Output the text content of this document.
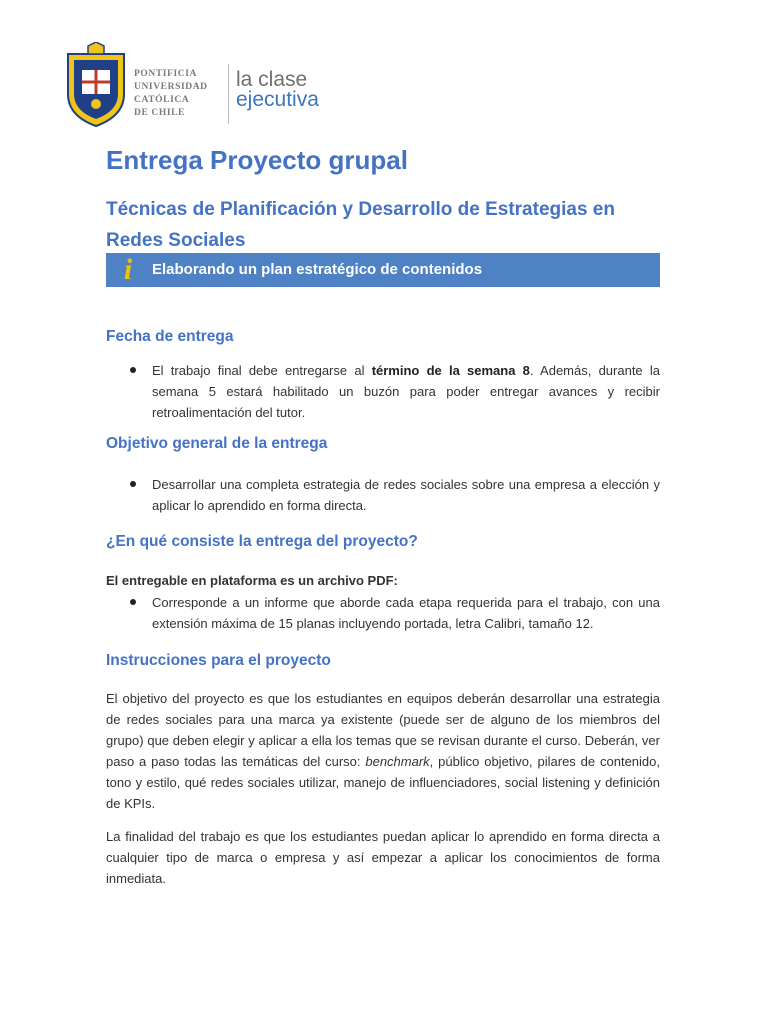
PONTIFICIA
UNIVERSIDAD
CATÓLICA
DE CHILE
la clase
ejecutiva
Entrega Proyecto grupal
Técnicas de Planificación y Desarrollo de Estrategias en Redes Sociales
i	Elaborando un plan estratégico de contenidos
Fecha de entrega
El trabajo final debe entregarse al término de la semana 8. Además, durante la semana 5 estará habilitado un buzón para poder entregar avances y recibir retroalimentación del tutor.
Objetivo general de la entrega
Desarrollar una completa estrategia de redes sociales sobre una empresa a elección y aplicar lo aprendido en forma directa.
¿En qué consiste la entrega del proyecto?
El entregable en plataforma es un archivo PDF:
Corresponde a un informe que aborde cada etapa requerida para el trabajo, con una extensión máxima de 15 planas incluyendo portada, letra Calibri, tamaño 12.
Instrucciones para el proyecto
El objetivo del proyecto es que los estudiantes en equipos deberán desarrollar una estrategia de redes sociales para una marca ya existente (puede ser de alguno de los miembros del grupo) que deben elegir y aplicar a ella los temas que se revisan durante el curso. Deberán, ver paso a paso todas las temáticas del curso: benchmark, público objetivo, pilares de contenido, tono y estilo, qué redes sociales utilizar, manejo de influenciadores, social listening y definición de KPIs.
La finalidad del trabajo es que los estudiantes puedan aplicar lo aprendido en forma directa a cualquier tipo de marca o empresa y así empezar a aplicar los conocimientos de forma inmediata.
